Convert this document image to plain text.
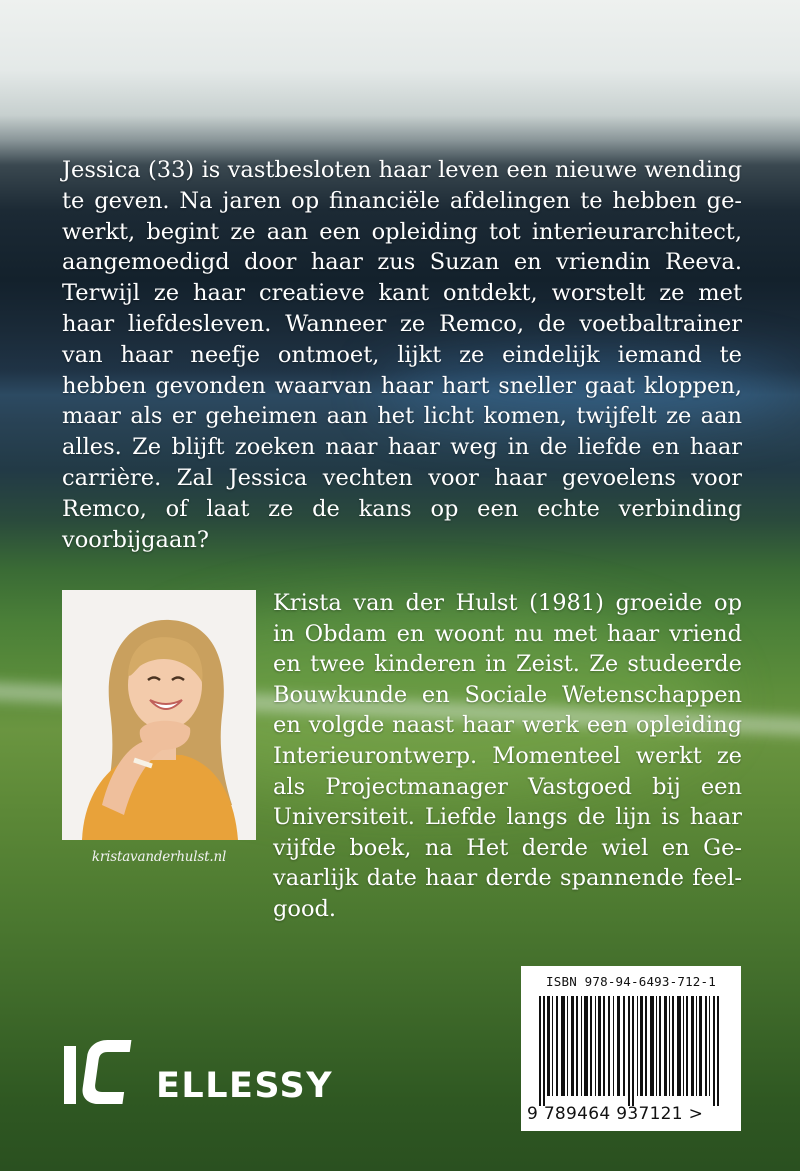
Jessica (33) is vastbesloten haar leven een nieuwe wending te geven. Na jaren op financiële afdelingen te hebben gewerkt, begint ze aan een opleiding tot interieurarchitect, aangemoedigd door haar zus Suzan en vriendin Reeva. Terwijl ze haar creatieve kant ontdekt, worstelt ze met haar liefdesleven. Wanneer ze Remco, de voetbaltrainer van haar neefje ontmoet, lijkt ze eindelijk iemand te hebben gevonden waarvan haar hart sneller gaat kloppen, maar als er geheimen aan het licht komen, twijfelt ze aan alles. Ze blijft zoeken naar haar weg in de liefde en haar carrière. Zal Jessica vechten voor haar gevoelens voor Remco, of laat ze de kans op een echte verbinding voorbijgaan?

kristavanderhulst.nl

Krista van der Hulst (1981) groeide op in Obdam en woont nu met haar vriend en twee kinderen in Zeist. Ze studeerde Bouwkunde en Sociale Wetenschappen en volgde naast haar werk een opleiding Interieurontwerp. Momenteel werkt ze als Projectmanager Vastgoed bij een Universiteit. Liefde langs de lijn is haar vijfde boek, na Het derde wiel en Gevaarlijk date haar derde spannende feelgood.

ELLESSY
ISBN 978-94-6493-712-1
9 789464 937121 >
